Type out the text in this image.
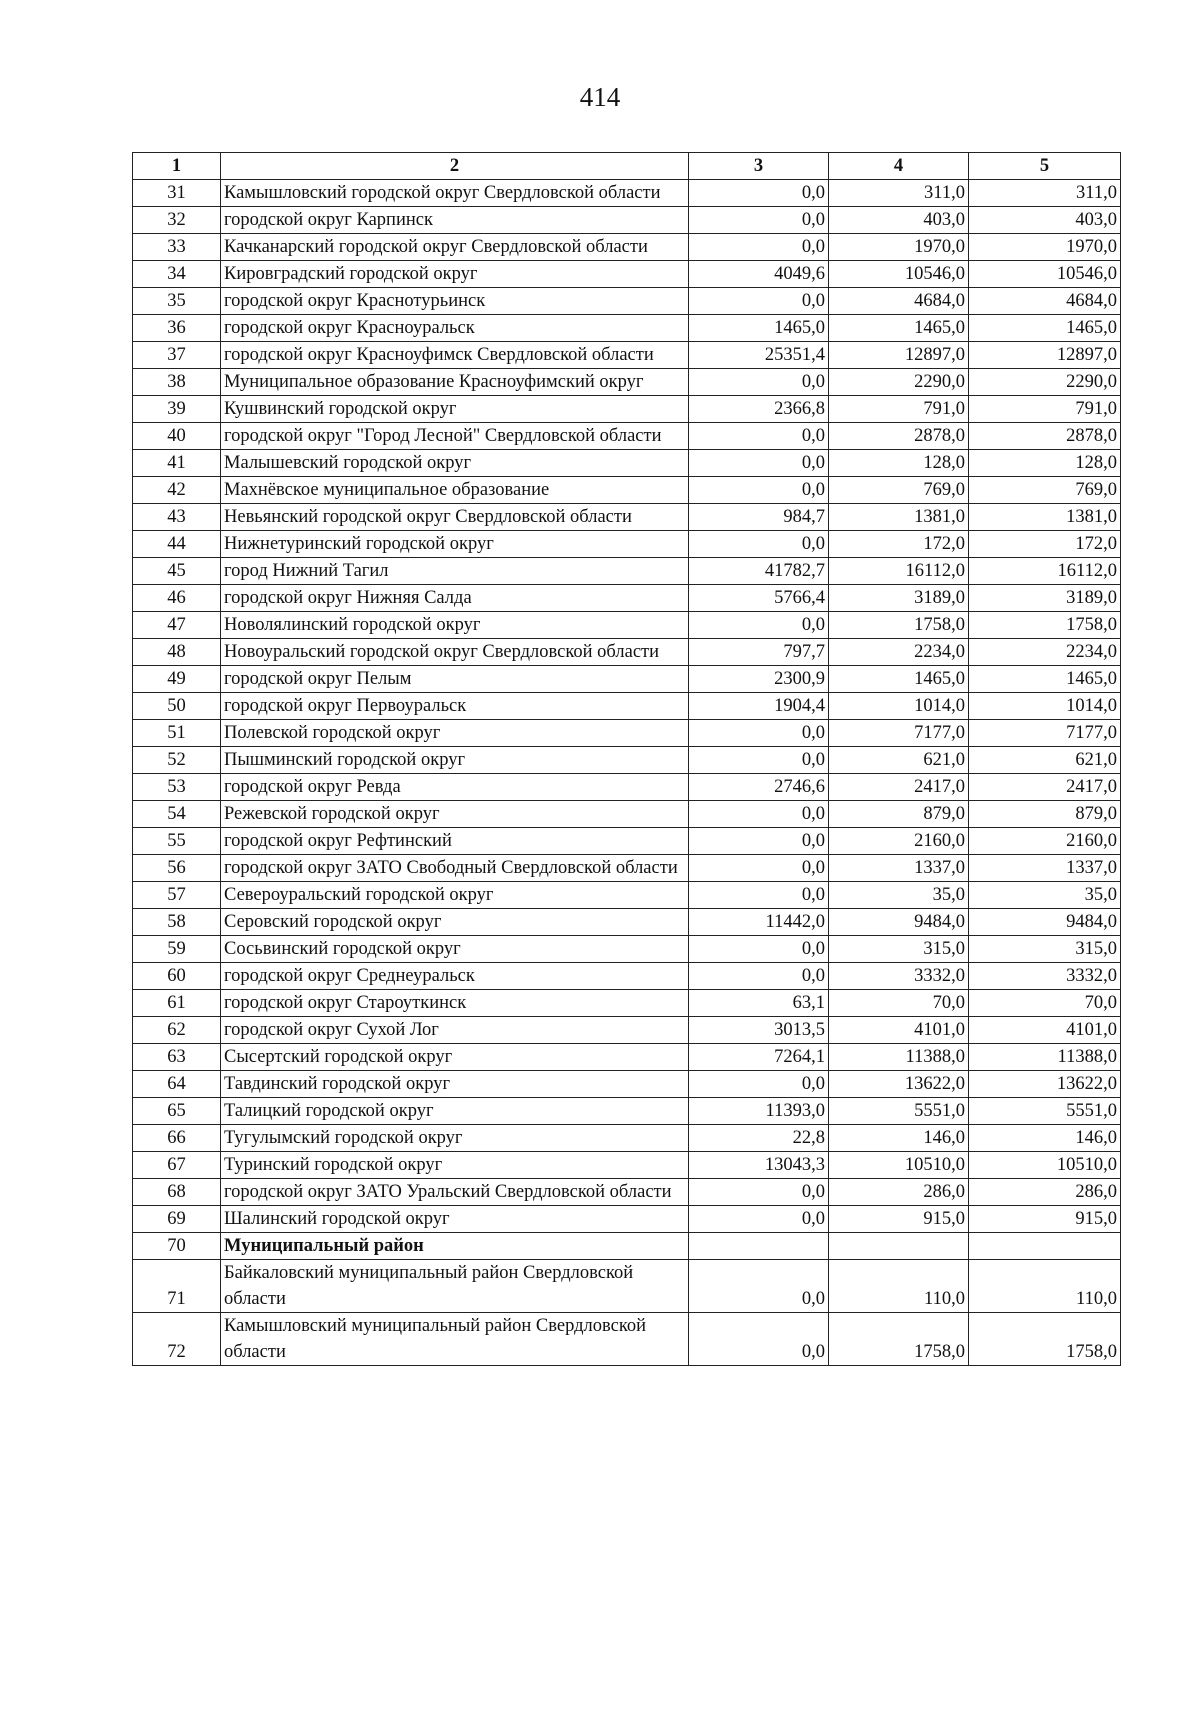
414
1	2	3	4	5
31	Камышловский городской округ Свердловской области	0,0	311,0	311,0
32	городской округ Карпинск	0,0	403,0	403,0
33	Качканарский городской округ Свердловской области	0,0	1970,0	1970,0
34	Кировградский городской округ	4049,6	10546,0	10546,0
35	городской округ Краснотурьинск	0,0	4684,0	4684,0
36	городской округ Красноуральск	1465,0	1465,0	1465,0
37	городской округ Красноуфимск Свердловской области	25351,4	12897,0	12897,0
38	Муниципальное образование Красноуфимский округ	0,0	2290,0	2290,0
39	Кушвинский городской округ	2366,8	791,0	791,0
40	городской округ "Город Лесной" Свердловской области	0,0	2878,0	2878,0
41	Малышевский городской округ	0,0	128,0	128,0
42	Махнёвское муниципальное образование	0,0	769,0	769,0
43	Невьянский городской округ Свердловской области	984,7	1381,0	1381,0
44	Нижнетуринский городской округ	0,0	172,0	172,0
45	город Нижний Тагил	41782,7	16112,0	16112,0
46	городской округ Нижняя Салда	5766,4	3189,0	3189,0
47	Новолялинский городской округ	0,0	1758,0	1758,0
48	Новоуральский городской округ Свердловской области	797,7	2234,0	2234,0
49	городской округ Пелым	2300,9	1465,0	1465,0
50	городской округ Первоуральск	1904,4	1014,0	1014,0
51	Полевской городской округ	0,0	7177,0	7177,0
52	Пышминский городской округ	0,0	621,0	621,0
53	городской округ Ревда	2746,6	2417,0	2417,0
54	Режевской городской округ	0,0	879,0	879,0
55	городской округ Рефтинский	0,0	2160,0	2160,0
56	городской округ ЗАТО Свободный Свердловской области	0,0	1337,0	1337,0
57	Североуральский городской округ	0,0	35,0	35,0
58	Серовский городской округ	11442,0	9484,0	9484,0
59	Сосьвинский городской округ	0,0	315,0	315,0
60	городской округ Среднеуральск	0,0	3332,0	3332,0
61	городской округ Староуткинск	63,1	70,0	70,0
62	городской округ Сухой Лог	3013,5	4101,0	4101,0
63	Сысертский городской округ	7264,1	11388,0	11388,0
64	Тавдинский городской округ	0,0	13622,0	13622,0
65	Талицкий городской округ	11393,0	5551,0	5551,0
66	Тугулымский городской округ	22,8	146,0	146,0
67	Туринский городской округ	13043,3	10510,0	10510,0
68	городской округ ЗАТО Уральский Свердловской области	0,0	286,0	286,0
69	Шалинский городской округ	0,0	915,0	915,0
70	Муниципальный район			
71	Байкаловский муниципальный район Свердловской области	0,0	110,0	110,0
72	Камышловский муниципальный район Свердловской области	0,0	1758,0	1758,0
